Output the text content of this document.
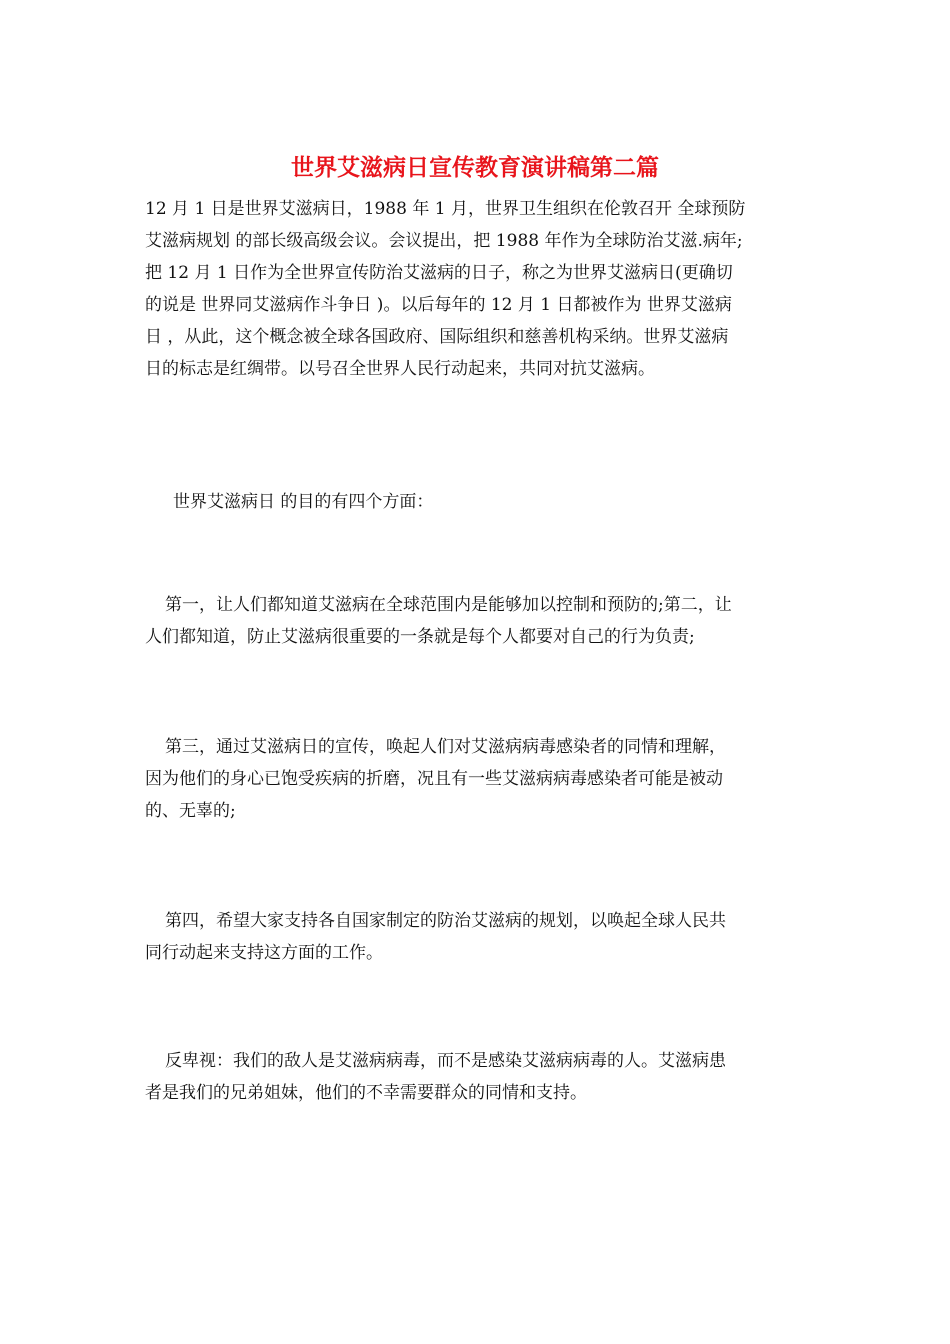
世界艾滋病日宣传教育演讲稿第二篇
12 月 1 日是世界艾滋病日，1988 年 1 月，世界卫生组织在伦敦召开 全球预防
艾滋病规划 的部长级高级会议。会议提出，把 1988 年作为全球防治艾滋.病年;
把 12 月 1 日作为全世界宣传防治艾滋病的日子，称之为世界艾滋病日(更确切
的说是 世界同艾滋病作斗争日 )。以后每年的 12 月 1 日都被作为 世界艾滋病
日 ，从此，这个概念被全球各国政府、国际组织和慈善机构采纳。世界艾滋病
日的标志是红绸带。以号召全世界人民行动起来，共同对抗艾滋病。
世界艾滋病日 的目的有四个方面：
第一，让人们都知道艾滋病在全球范围内是能够加以控制和预防的;第二，让
人们都知道，防止艾滋病很重要的一条就是每个人都要对自己的行为负责;
第三，通过艾滋病日的宣传，唤起人们对艾滋病病毒感染者的同情和理解，
因为他们的身心已饱受疾病的折磨，况且有一些艾滋病病毒感染者可能是被动
的、无辜的;
第四，希望大家支持各自国家制定的防治艾滋病的规划，以唤起全球人民共
同行动起来支持这方面的工作。
反卑视：我们的敌人是艾滋病病毒，而不是感染艾滋病病毒的人。艾滋病患
者是我们的兄弟姐妹，他们的不幸需要群众的同情和支持。
